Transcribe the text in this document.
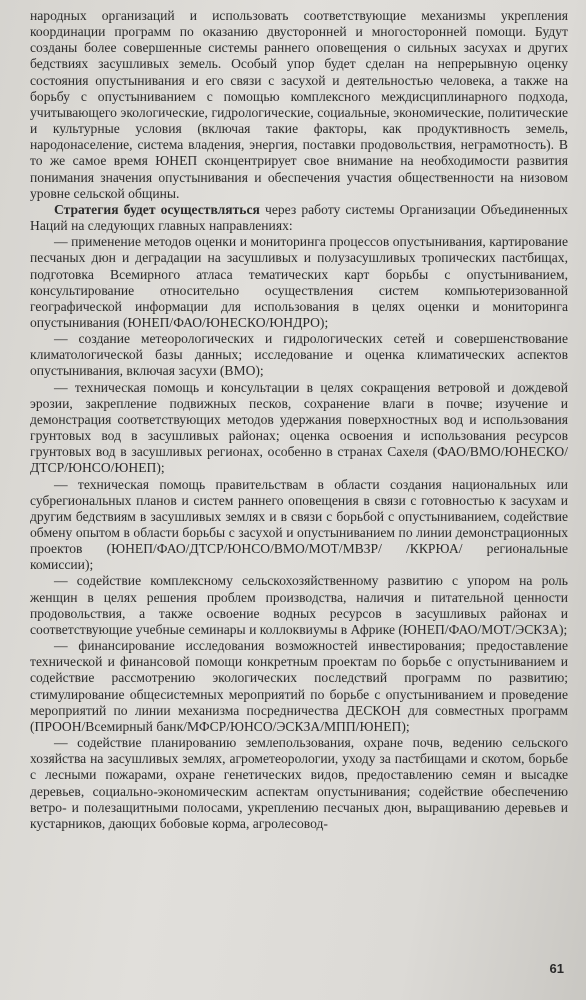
народных организаций и использовать соответствующие механизмы укрепления координации программ по оказанию двусторонней и многосторонней помощи. Будут созданы более совершенные системы раннего оповещения о сильных засухах и других бедствиях засушливых земель. Особый упор будет сделан на непрерывную оценку состояния опустынивания и его связи с засухой и деятельностью человека, а также на борьбу с опустыниванием с помощью комплексного междисциплинарного подхода, учитывающего экологические, гидрологические, социальные, экономические, политические и культурные условия (включая такие факторы, как продуктивность земель, народонаселение, система владения, энергия, поставки продовольствия, неграмотность). В то же самое время ЮНЕП сконцентрирует свое внимание на необходимости развития понимания значения опустынивания и обеспечения участия общественности на низовом уровне сельской общины.

Стратегия будет осуществляться через работу системы Организации Объединенных Наций на следующих главных направлениях:

— применение методов оценки и мониторинга процессов опустынивания, картирование песчаных дюн и деградации на засушливых и полузасушливых тропических пастбищах, подготовка Всемирного атласа тематических карт борьбы с опустыниванием, консультирование относительно осуществления систем компьютеризованной географической информации для использования в целях оценки и мониторинга опустынивания (ЮНЕП/ФАО/ЮНЕСКО/ЮНДРО);

— создание метеорологических и гидрологических сетей и совершенствование климатологической базы данных; исследование и оценка климатических аспектов опустынивания, включая засухи (ВМО);

— техническая помощь и консультации в целях сокращения ветровой и дождевой эрозии, закрепление подвижных песков, сохранение влаги в почве; изучение и демонстрация соответствующих методов удержания поверхностных вод и использования грунтовых вод в засушливых районах; оценка освоения и использования ресурсов грунтовых вод в засушливых регионах, особенно в странах Сахеля (ФАО/ВМО/ЮНЕСКО/ДТСР/ЮНСО/ЮНЕП);

— техническая помощь правительствам в области создания национальных или субрегиональных планов и систем раннего оповещения в связи с готовностью к засухам и другим бедствиям в засушливых землях и в связи с борьбой с опустыниванием, содействие обмену опытом в области борьбы с засухой и опустыниванием по линии демонстрационных проектов (ЮНЕП/ФАО/ДТСР/ЮНСО/ВМО/МОТ/МВЗР/ /ККРЮА/ региональные комиссии);

— содействие комплексному сельскохозяйственному развитию с упором на роль женщин в целях решения проблем производства, наличия и питательной ценности продовольствия, а также освоение водных ресурсов в засушливых районах и соответствующие учебные семинары и коллоквиумы в Африке (ЮНЕП/ФАО/МОТ/ЭСКЗА);

— финансирование исследования возможностей инвестирования; предоставление технической и финансовой помощи конкретным проектам по борьбе с опустыниванием и содействие рассмотрению экологических последствий программ по развитию; стимулирование общесистемных мероприятий по борьбе с опустыниванием и проведение мероприятий по линии механизма посредничества ДЕСКОН для совместных программ (ПРООН/Всемирный банк/МФСР/ЮНСО/ЭСКЗА/МПП/ЮНЕП);

— содействие планированию землепользования, охране почв, ведению сельского хозяйства на засушливых землях, агрометеорологии, уходу за пастбищами и скотом, борьбе с лесными пожарами, охране генетических видов, предоставлению семян и высадке деревьев, социально-экономическим аспектам опустынивания; содействие обеспечению ветро- и полезащитными полосами, укреплению песчаных дюн, выращиванию деревьев и кустарников, дающих бобовые корма, агролесовод-

61
